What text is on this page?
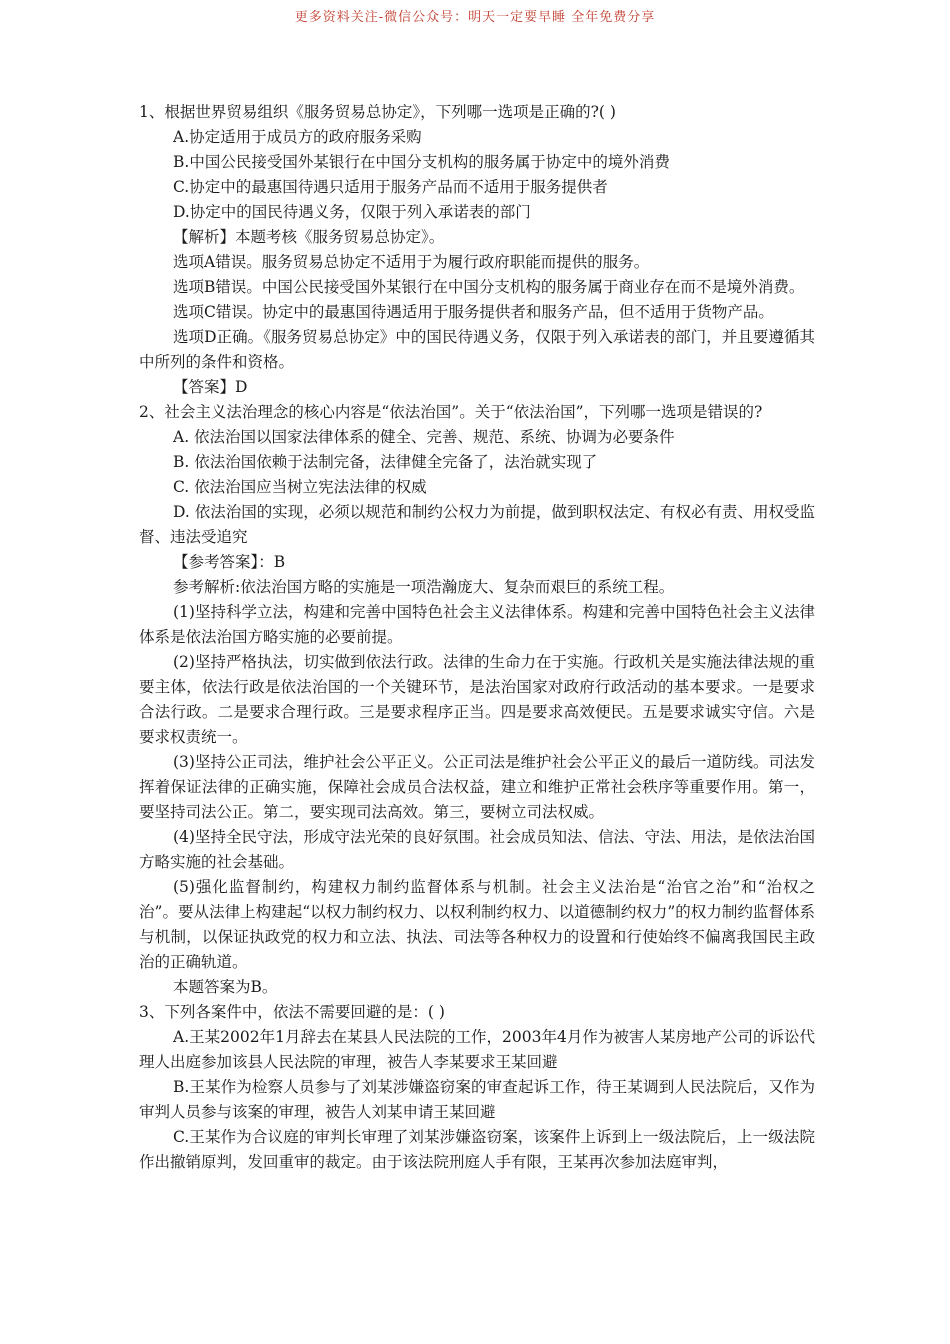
更多资料关注-微信公众号：明天一定要早睡 全年免费分享

1、根据世界贸易组织《服务贸易总协定》，下列哪一选项是正确的?( )

A.协定适用于成员方的政府服务采购

B.中国公民接受国外某银行在中国分支机构的服务属于协定中的境外消费

C.协定中的最惠国待遇只适用于服务产品而不适用于服务提供者

D.协定中的国民待遇义务，仅限于列入承诺表的部门

【解析】本题考核《服务贸易总协定》。

选项A错误。服务贸易总协定不适用于为履行政府职能而提供的服务。

选项B错误。中国公民接受国外某银行在中国分支机构的服务属于商业存在而不是境外消费。

选项C错误。协定中的最惠国待遇适用于服务提供者和服务产品，但不适用于货物产品。

选项D正确。《服务贸易总协定》中的国民待遇义务，仅限于列入承诺表的部门，并且要遵循其中所列的条件和资格。

【答案】D

2、社会主义法治理念的核心内容是“依法治国”。关于“依法治国”，下列哪一选项是错误的?

A. 依法治国以国家法律体系的健全、完善、规范、系统、协调为必要条件

B. 依法治国依赖于法制完备，法律健全完备了，法治就实现了

C. 依法治国应当树立宪法法律的权威

D. 依法治国的实现，必须以规范和制约公权力为前提，做到职权法定、有权必有责、用权受监督、违法受追究

【参考答案】：B

参考解析:依法治国方略的实施是一项浩瀚庞大、复杂而艰巨的系统工程。

(1)坚持科学立法，构建和完善中国特色社会主义法律体系。构建和完善中国特色社会主义法律体系是依法治国方略实施的必要前提。

(2)坚持严格执法，切实做到依法行政。法律的生命力在于实施。行政机关是实施法律法规的重要主体，依法行政是依法治国的一个关键环节，是法治国家对政府行政活动的基本要求。一是要求合法行政。二是要求合理行政。三是要求程序正当。四是要求高效便民。五是要求诚实守信。六是要求权责统一。

(3)坚持公正司法，维护社会公平正义。公正司法是维护社会公平正义的最后一道防线。司法发挥着保证法律的正确实施，保障社会成员合法权益，建立和维护正常社会秩序等重要作用。第一，要坚持司法公正。第二，要实现司法高效。第三，要树立司法权威。

(4)坚持全民守法，形成守法光荣的良好氛围。社会成员知法、信法、守法、用法，是依法治国方略实施的社会基础。

(5)强化监督制约，构建权力制约监督体系与机制。社会主义法治是“治官之治”和“治权之治”。要从法律上构建起“以权力制约权力、以权利制约权力、以道德制约权力”的权力制约监督体系与机制，以保证执政党的权力和立法、执法、司法等各种权力的设置和行使始终不偏离我国民主政治的正确轨道。

本题答案为B。

3、下列各案件中，依法不需要回避的是：( )

A.王某2002年1月辞去在某县人民法院的工作，2003年4月作为被害人某房地产公司的诉讼代理人出庭参加该县人民法院的审理，被告人李某要求王某回避

B.王某作为检察人员参与了刘某涉嫌盗窃案的审查起诉工作，待王某调到人民法院后，又作为审判人员参与该案的审理，被告人刘某申请王某回避

C.王某作为合议庭的审判长审理了刘某涉嫌盗窃案，该案件上诉到上一级法院后，上一级法院作出撤销原判，发回重审的裁定。由于该法院刑庭人手有限，王某再次参加法庭审判，
